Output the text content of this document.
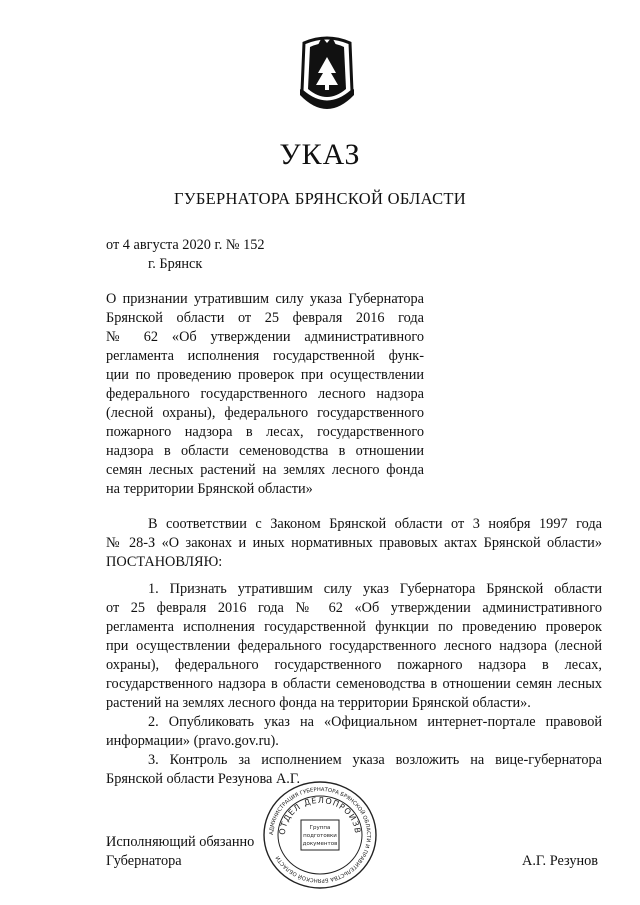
УКАЗ
ГУБЕРНАТОРА БРЯНСКОЙ ОБЛАСТИ
от 4 августа 2020 г. № 152
г. Брянск
О признании утратившим силу указа Губернатора
Брянской области от 25 февраля 2016 года
№ 62 «Об утверждении административного
регламента исполнения государственной функ-
ции по проведению проверок при осуществлении
федерального государственного лесного надзора
(лесной охраны), федерального государственного
пожарного надзора в лесах, государственного
надзора в области семеноводства в отношении
семян лесных растений на землях лесного фонда
на территории Брянской области»
В соответствии с Законом Брянской области от 3 ноября 1997 года
№ 28-З «О законах и иных нормативных правовых актах Брянской области»
ПОСТАНОВЛЯЮ:
1. Признать утратившим силу указ Губернатора Брянской области
от 25 февраля 2016 года № 62 «Об утверждении административного
регламента исполнения государственной функции по проведению проверок
при осуществлении федерального государственного лесного надзора (лесной
охраны), федерального государственного пожарного надзора в лесах,
государственного надзора в области семеноводства в отношении семян лесных
растений на землях лесного фонда на территории Брянской области».
2. Опубликовать указ на «Официальном интернет-портале правовой
информации» (pravo.gov.ru).
3. Контроль за исполнением указа возложить на вице-губернатора
Брянской области Резунова А.Г.
Исполняющий обязанно
Губернатора	А.Г. Резунов
АДМИНИСТРАЦИЯ ГУБЕРНАТОРА БРЯНСКОЙ ОБЛАСТИ И ПРАВИТЕЛЬСТВА БРЯНСКОЙ ОБЛАСТИ
ОТДЕЛ ДЕЛОПРОИЗВ
Группа
подготовки
документов
